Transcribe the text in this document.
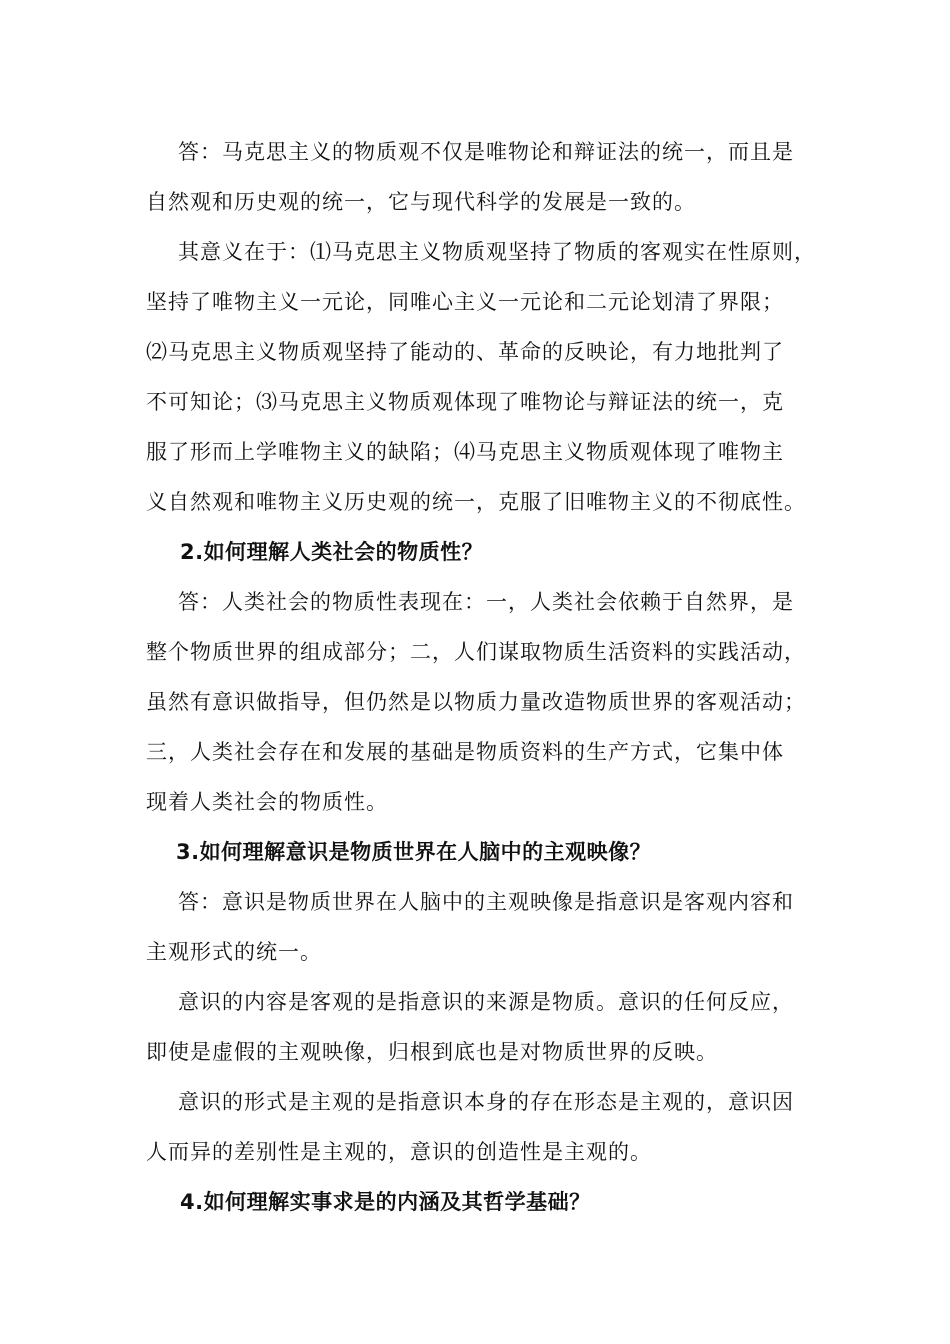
答：马克思主义的物质观不仅是唯物论和辩证法的统一，而且是
自然观和历史观的统一，它与现代科学的发展是一致的。
其意义在于：⑴马克思主义物质观坚持了物质的客观实在性原则，
坚持了唯物主义一元论，同唯心主义一元论和二元论划清了界限；
⑵马克思主义物质观坚持了能动的、革命的反映论，有力地批判了
不可知论；⑶马克思主义物质观体现了唯物论与辩证法的统一，克
服了形而上学唯物主义的缺陷；⑷马克思主义物质观体现了唯物主
义自然观和唯物主义历史观的统一，克服了旧唯物主义的不彻底性。
2.如何理解人类社会的物质性？
答：人类社会的物质性表现在：一，人类社会依赖于自然界，是
整个物质世界的组成部分；二，人们谋取物质生活资料的实践活动，
虽然有意识做指导，但仍然是以物质力量改造物质世界的客观活动；
三，人类社会存在和发展的基础是物质资料的生产方式，它集中体
现着人类社会的物质性。
3.如何理解意识是物质世界在人脑中的主观映像？
答：意识是物质世界在人脑中的主观映像是指意识是客观内容和
主观形式的统一。
意识的内容是客观的是指意识的来源是物质。意识的任何反应，
即使是虚假的主观映像，归根到底也是对物质世界的反映。
意识的形式是主观的是指意识本身的存在形态是主观的，意识因
人而异的差别性是主观的，意识的创造性是主观的。
4.如何理解实事求是的内涵及其哲学基础？
